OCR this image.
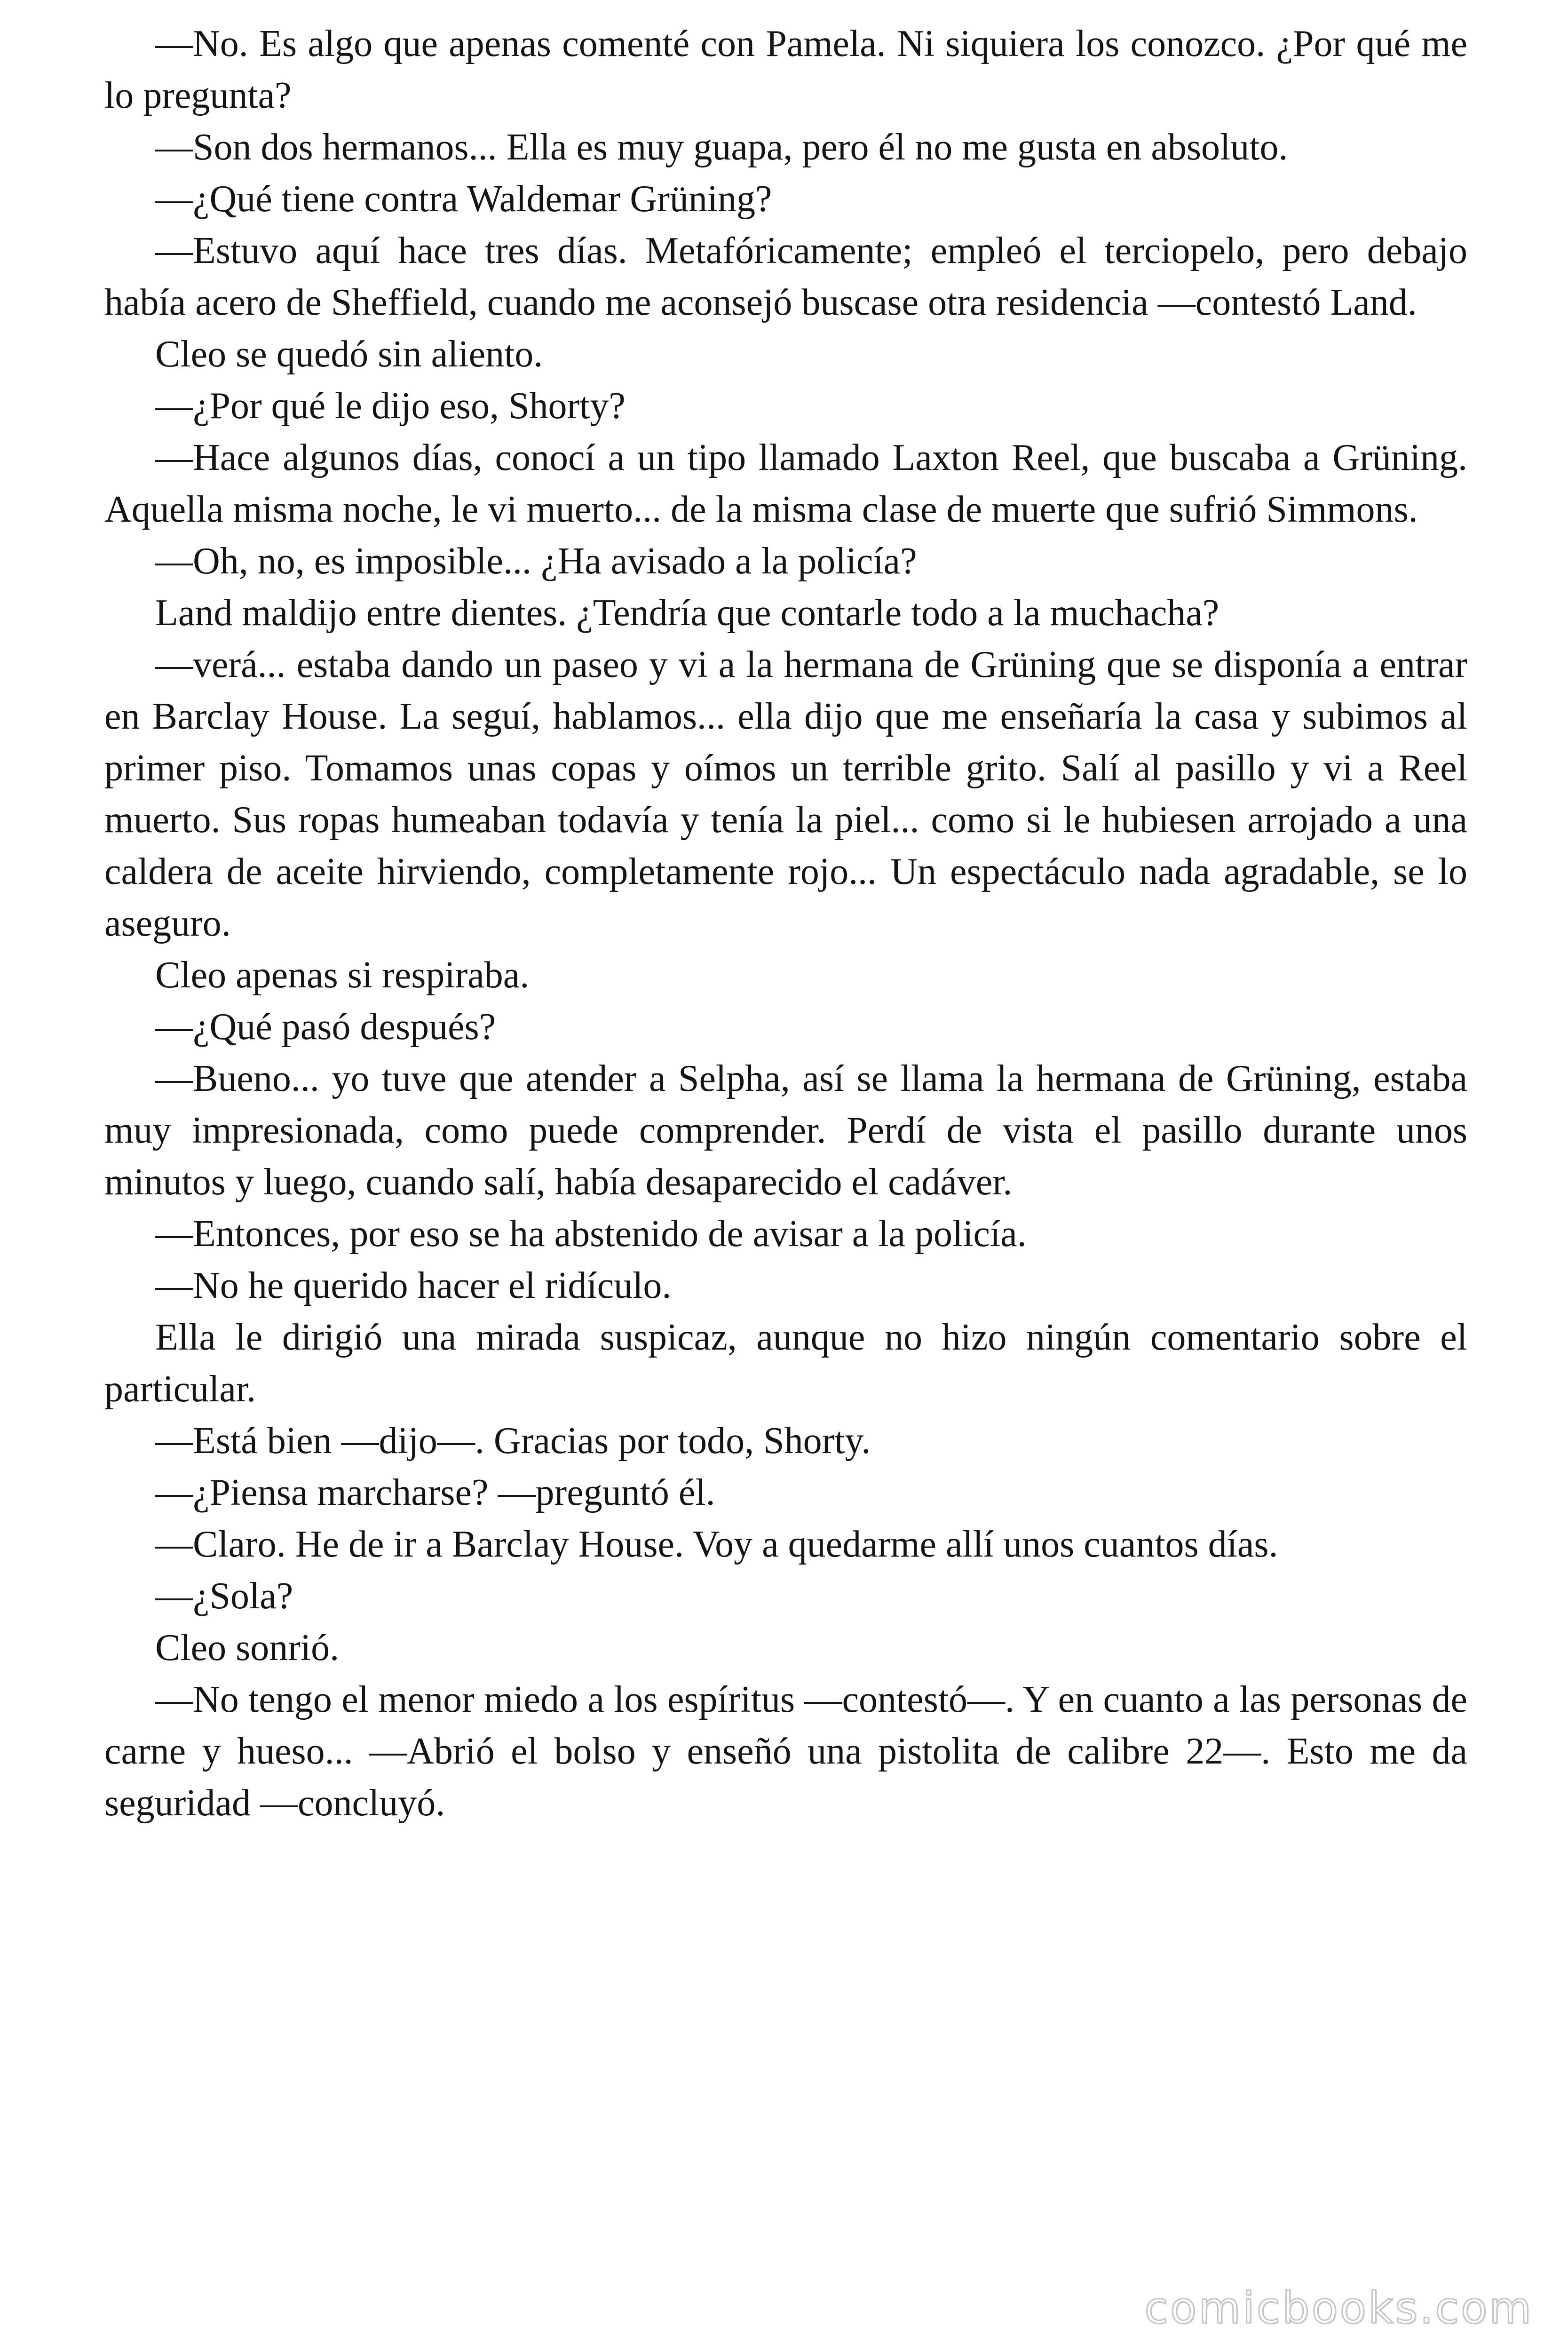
—No. Es algo que apenas comenté con Pamela. Ni siquiera los conozco. ¿Por qué me lo pregunta?

—Son dos hermanos... Ella es muy guapa, pero él no me gusta en absoluto.

—¿Qué tiene contra Waldemar Grüning?

—Estuvo aquí hace tres días. Metafóricamente; empleó el terciopelo, pero debajo había acero de Sheffield, cuando me aconsejó buscase otra residencia —contestó Land.

Cleo se quedó sin aliento.

—¿Por qué le dijo eso, Shorty?

—Hace algunos días, conocí a un tipo llamado Laxton Reel, que buscaba a Grüning. Aquella misma noche, le vi muerto... de la misma clase de muerte que sufrió Simmons.

—Oh, no, es imposible... ¿Ha avisado a la policía?

Land maldijo entre dientes. ¿Tendría que contarle todo a la muchacha?

—verá... estaba dando un paseo y vi a la hermana de Grüning que se disponía a entrar en Barclay House. La seguí, hablamos... ella dijo que me enseñaría la casa y subimos al primer piso. Tomamos unas copas y oímos un terrible grito. Salí al pasillo y vi a Reel muerto. Sus ropas humeaban todavía y tenía la piel... como si le hubiesen arrojado a una caldera de aceite hirviendo, completamente rojo... Un espectáculo nada agradable, se lo aseguro.

Cleo apenas si respiraba.

—¿Qué pasó después?

—Bueno... yo tuve que atender a Selpha, así se llama la hermana de Grüning, estaba muy impresionada, como puede comprender. Perdí de vista el pasillo durante unos minutos y luego, cuando salí, había desaparecido el cadáver.

—Entonces, por eso se ha abstenido de avisar a la policía.

—No he querido hacer el ridículo.

Ella le dirigió una mirada suspicaz, aunque no hizo ningún comentario sobre el particular.

—Está bien —dijo—. Gracias por todo, Shorty.

—¿Piensa marcharse? —preguntó él.

—Claro. He de ir a Barclay House. Voy a quedarme allí unos cuantos días.

—¿Sola?

Cleo sonrió.

—No tengo el menor miedo a los espíritus —contestó—. Y en cuanto a las personas de carne y hueso... —Abrió el bolso y enseñó una pistolita de calibre 22—. Esto me da seguridad —concluyó.

comicbooks.com
